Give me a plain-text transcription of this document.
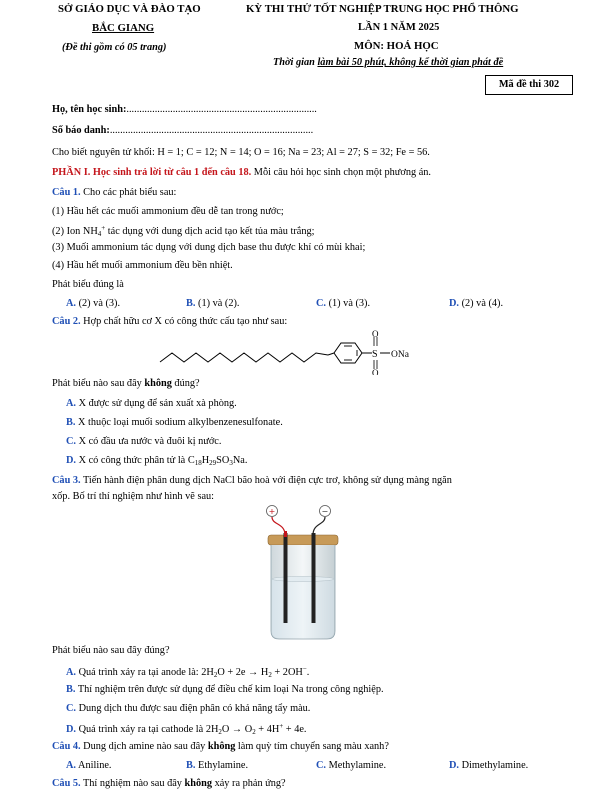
SỞ GIÁO DỤC VÀ ĐÀO TẠO
BẮC GIANG
(Đề thi gồm có 05 trang)
KỲ THI THỬ TỐT NGHIỆP TRUNG HỌC PHỔ THÔNG
LẦN 1 NĂM 2025
MÔN: HOÁ HỌC
Thời gian làm bài 50 phút, không kể thời gian phát đề
Mã đề thi 302
Họ, tên học sinh:..........................................................................
Số báo danh:...............................................................................
Cho biết nguyên tử khối: H = 1; C = 12; N = 14; O = 16; Na = 23; Al = 27; S = 32; Fe = 56.
PHẦN I. Học sinh trả lời từ câu 1 đến câu 18. Mỗi câu hỏi học sinh chọn một phương án.
Câu 1. Cho các phát biểu sau:
(1) Hầu hết các muối ammonium đều dễ tan trong nước;
(2) Ion $NH_4^+$ tác dụng với dung dịch acid tạo kết tủa màu trắng;
(3) Muối ammonium tác dụng với dung dịch base thu được khí có mùi khai;
(4) Hầu hết muối ammonium đều bền nhiệt.
Phát biểu đúng là
A. (2) và (3).	B. (1) và (2).	C. (1) và (3).	D. (2) và (4).
Câu 2. Hợp chất hữu cơ X có công thức cấu tạo như sau:
S
O
O
ONa
Phát biểu nào sau đây không đúng?
A. X được sử dụng để sản xuất xà phòng.
B. X thuộc loại muối sodium alkylbenzenesulfonate.
C. X có đầu ưa nước và đuôi kị nước.
D. X có công thức phân tử là $C_{18}H_{29}SO_3Na$.
Câu 3. Tiến hành điện phân dung dịch NaCl bão hoà với điện cực trơ, không sử dụng màng ngăn
xốp. Bố trí thí nghiệm như hình vẽ sau:
+	−
Phát biểu nào sau đây đúng?
A. Quá trình xảy ra tại anode là: $2H_2O + 2e \to H_2 + 2OH^-$.
B. Thí nghiệm trên được sử dụng để điều chế kim loại Na trong công nghiệp.
C. Dung dịch thu được sau điện phân có khả năng tẩy màu.
D. Quá trình xảy ra tại cathode là $2H_2O \to O_2 + 4H^+ + 4e$.
Câu 4. Dung dịch amine nào sau đây không làm quỳ tím chuyển sang màu xanh?
A. Aniline.	B. Ethylamine.	C. Methylamine.	D. Dimethylamine.
Câu 5. Thí nghiệm nào sau đây không xảy ra phản ứng?
